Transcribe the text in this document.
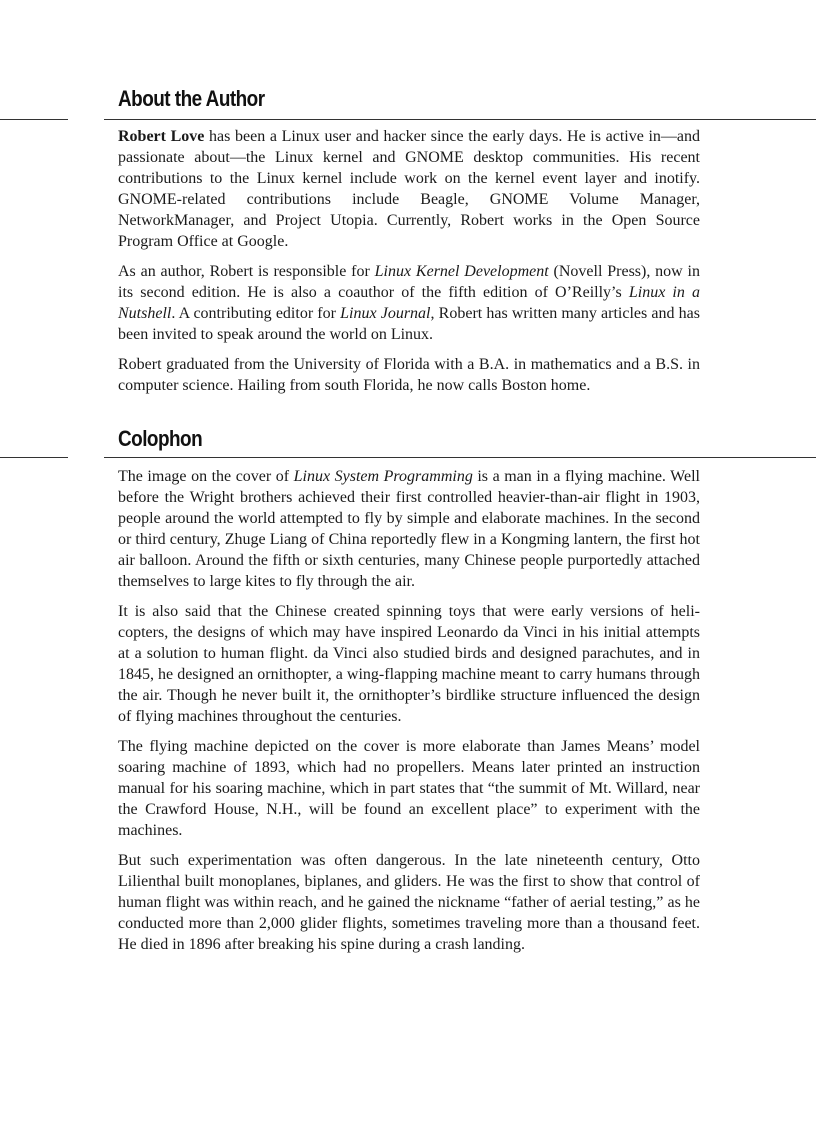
About the Author

Robert Love has been a Linux user and hacker since the early days. He is active in—and passionate about—the Linux kernel and GNOME desktop communities. His recent contributions to the Linux kernel include work on the kernel event layer and inotify. GNOME-related contributions include Beagle, GNOME Volume Manager, NetworkManager, and Project Utopia. Currently, Robert works in the Open Source Program Office at Google.

As an author, Robert is responsible for Linux Kernel Development (Novell Press), now in its second edition. He is also a coauthor of the fifth edition of O’Reilly’s Linux in a Nutshell. A contributing editor for Linux Journal, Robert has written many articles and has been invited to speak around the world on Linux.

Robert graduated from the University of Florida with a B.A. in mathematics and a B.S. in computer science. Hailing from south Florida, he now calls Boston home.

Colophon

The image on the cover of Linux System Programming is a man in a flying machine. Well before the Wright brothers achieved their first controlled heavier-than-air flight in 1903, people around the world attempted to fly by simple and elaborate machines. In the second or third century, Zhuge Liang of China reportedly flew in a Kongming lantern, the first hot air balloon. Around the fifth or sixth centuries, many Chinese people purportedly attached themselves to large kites to fly through the air.

It is also said that the Chinese created spinning toys that were early versions of helicopters, the designs of which may have inspired Leonardo da Vinci in his initial attempts at a solution to human flight. da Vinci also studied birds and designed parachutes, and in 1845, he designed an ornithopter, a wing-flapping machine meant to carry humans through the air. Though he never built it, the ornithopter’s birdlike structure influenced the design of flying machines throughout the centuries.

The flying machine depicted on the cover is more elaborate than James Means’ model soaring machine of 1893, which had no propellers. Means later printed an instruction manual for his soaring machine, which in part states that “the summit of Mt. Willard, near the Crawford House, N.H., will be found an excellent place” to experiment with the machines.

But such experimentation was often dangerous. In the late nineteenth century, Otto Lilienthal built monoplanes, biplanes, and gliders. He was the first to show that control of human flight was within reach, and he gained the nickname “father of aerial testing,” as he conducted more than 2,000 glider flights, sometimes traveling more than a thousand feet. He died in 1896 after breaking his spine during a crash landing.
